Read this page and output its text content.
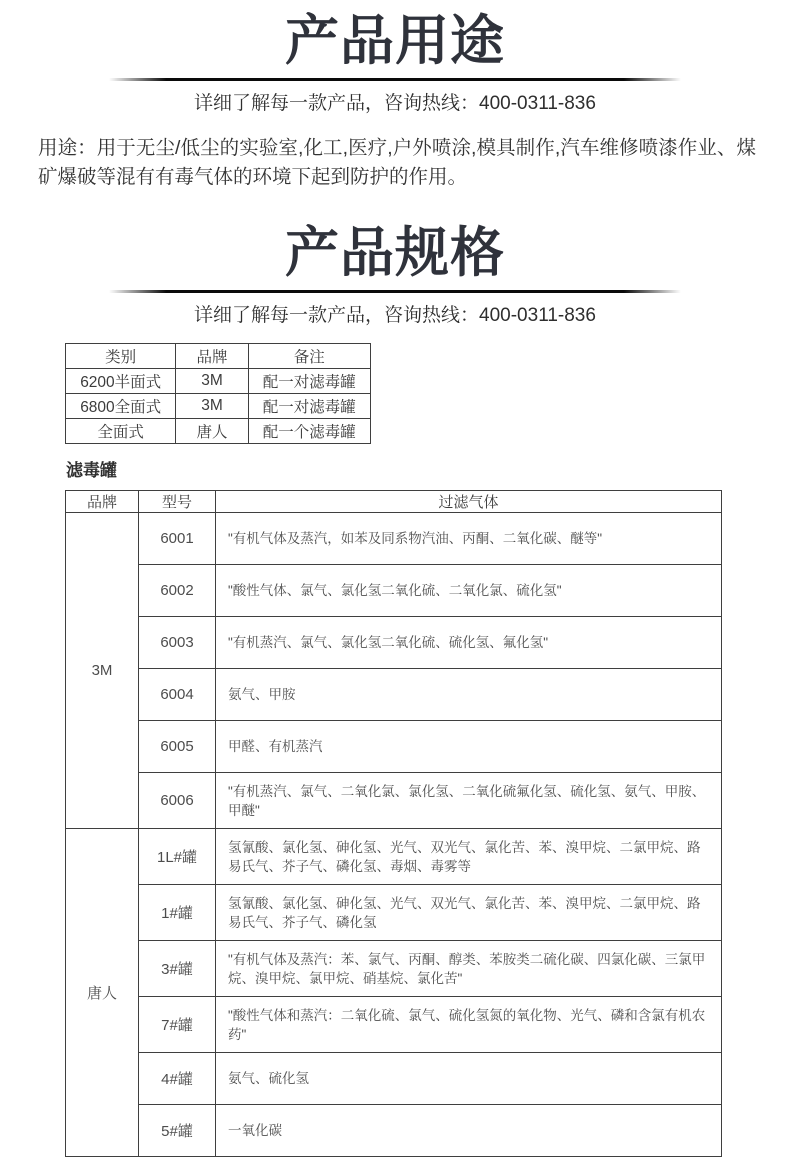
产品用途
详细了解每一款产品，咨询热线：400-0311-836

用途：用于无尘/低尘的实验室,化工,医疗,户外喷涂,模具制作,汽车维修喷漆作业、煤矿爆破等混有有毒气体的环境下起到防护的作用。

产品规格
详细了解每一款产品，咨询热线：400-0311-836
类别	品牌	备注
6200半面式	3M	配一对滤毒罐
6800全面式	3M	配一对滤毒罐
全面式	唐人	配一个滤毒罐
滤毒罐
品牌	型号	过滤气体
3M	6001	"有机气体及蒸汽，如苯及同系物汽油、丙酮、二氧化碳、醚等"
	6002	"酸性气体、氯气、氯化氢二氧化硫、二氧化氯、硫化氢"
	6003	"有机蒸汽、氯气、氯化氢二氧化硫、硫化氢、氟化氢"
	6004	氨气、甲胺
	6005	甲醛、有机蒸汽
	6006	"有机蒸汽、氯气、二氧化氯、氯化氢、二氧化硫氟化氢、硫化氢、氨气、甲胺、甲醚"
唐人	1L#罐	氢氰酸、氯化氢、砷化氢、光气、双光气、氯化苦、苯、溴甲烷、二氯甲烷、路易氏气、芥子气、磷化氢、毒烟、毒雾等
	1#罐	氢氰酸、氯化氢、砷化氢、光气、双光气、氯化苦、苯、溴甲烷、二氯甲烷、路易氏气、芥子气、磷化氢
	3#罐	"有机气体及蒸汽：苯、氯气、丙酮、醇类、苯胺类二硫化碳、四氯化碳、三氯甲烷、溴甲烷、氯甲烷、硝基烷、氯化苦"
	7#罐	"酸性气体和蒸汽：二氧化硫、氯气、硫化氢氮的氧化物、光气、磷和含氯有机农药"
	4#罐	氨气、硫化氢
	5#罐	一氧化碳
